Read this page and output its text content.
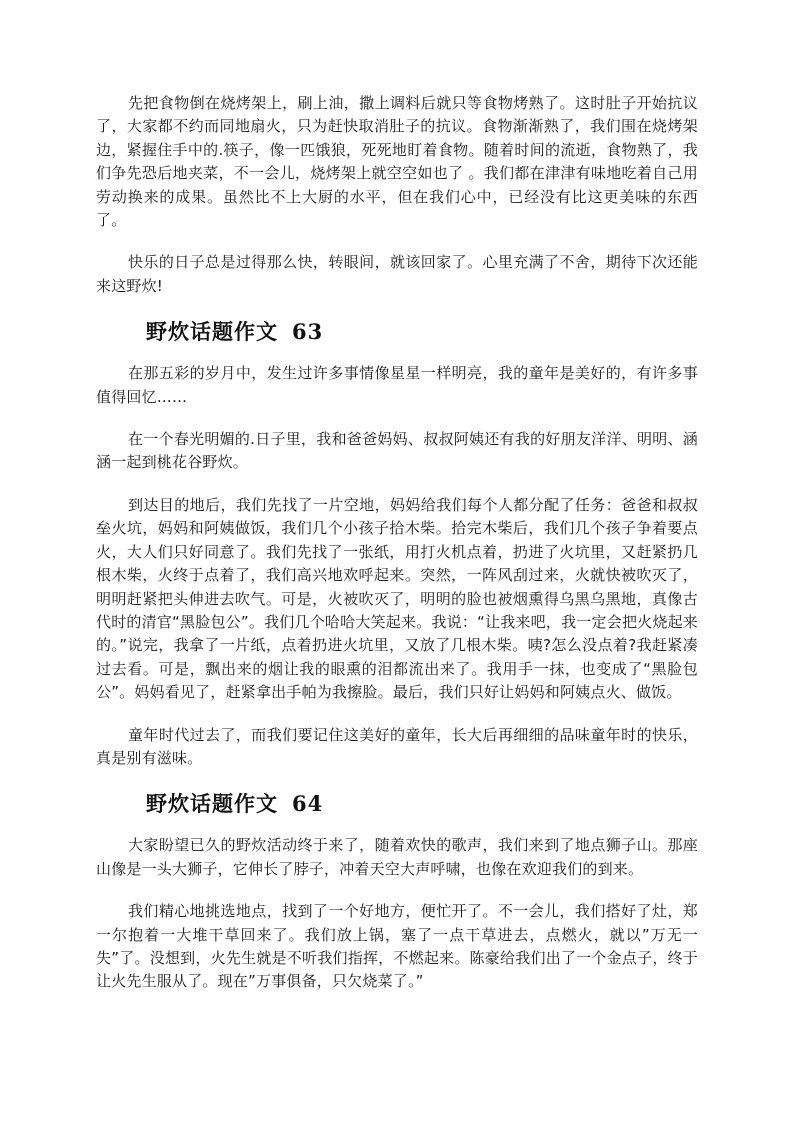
先把食物倒在烧烤架上，刷上油，撒上调料后就只等食物烤熟了。这时肚子开始抗议了，大家都不约而同地扇火，只为赶快取消肚子的抗议。食物渐渐熟了，我们围在烧烤架边，紧握住手中的.筷子，像一匹饿狼，死死地盯着食物。随着时间的流逝，食物熟了，我们争先恐后地夹菜，不一会儿，烧烤架上就空空如也了 。我们都在津津有味地吃着自己用劳动换来的成果。虽然比不上大厨的水平，但在我们心中，已经没有比这更美味的东西了。

快乐的日子总是过得那么快，转眼间，就该回家了。心里充满了不舍，期待下次还能来这野炊!

野炊话题作文 63

在那五彩的岁月中，发生过许多事情像星星一样明亮，我的童年是美好的，有许多事值得回忆……

在一个春光明媚的.日子里，我和爸爸妈妈、叔叔阿姨还有我的好朋友洋洋、明明、涵涵一起到桃花谷野炊。

到达目的地后，我们先找了一片空地，妈妈给我们每个人都分配了任务：爸爸和叔叔垒火坑，妈妈和阿姨做饭，我们几个小孩子拾木柴。拾完木柴后，我们几个孩子争着要点火，大人们只好同意了。我们先找了一张纸，用打火机点着，扔进了火坑里，又赶紧扔几根木柴，火终于点着了，我们高兴地欢呼起来。突然，一阵风刮过来，火就快被吹灭了，明明赶紧把头伸进去吹气。可是，火被吹灭了，明明的脸也被烟熏得乌黑乌黑地，真像古代时的清官“黑脸包公”。我们几个哈哈大笑起来。我说：“让我来吧，我一定会把火烧起来的。”说完，我拿了一片纸，点着扔进火坑里，又放了几根木柴。咦?怎么没点着?我赶紧凑过去看。可是，飘出来的烟让我的眼熏的泪都流出来了。我用手一抹，也变成了“黑脸包公”。妈妈看见了，赶紧拿出手帕为我擦脸。最后，我们只好让妈妈和阿姨点火、做饭。

童年时代过去了，而我们要记住这美好的童年，长大后再细细的品味童年时的快乐，真是别有滋味。

野炊话题作文 64

大家盼望已久的野炊活动终于来了，随着欢快的歌声，我们来到了地点狮子山。那座山像是一头大狮子，它伸长了脖子，冲着天空大声呼啸，也像在欢迎我们的到来。

我们精心地挑选地点，找到了一个好地方，便忙开了。不一会儿，我们搭好了灶，郑一尔抱着一大堆干草回来了。我们放上锅，塞了一点干草进去，点燃火，就以”万无一失”了。没想到，火先生就是不听我们指挥，不燃起来。陈豪给我们出了一个金点子，终于让火先生服从了。现在”万事俱备，只欠烧菜了。”
